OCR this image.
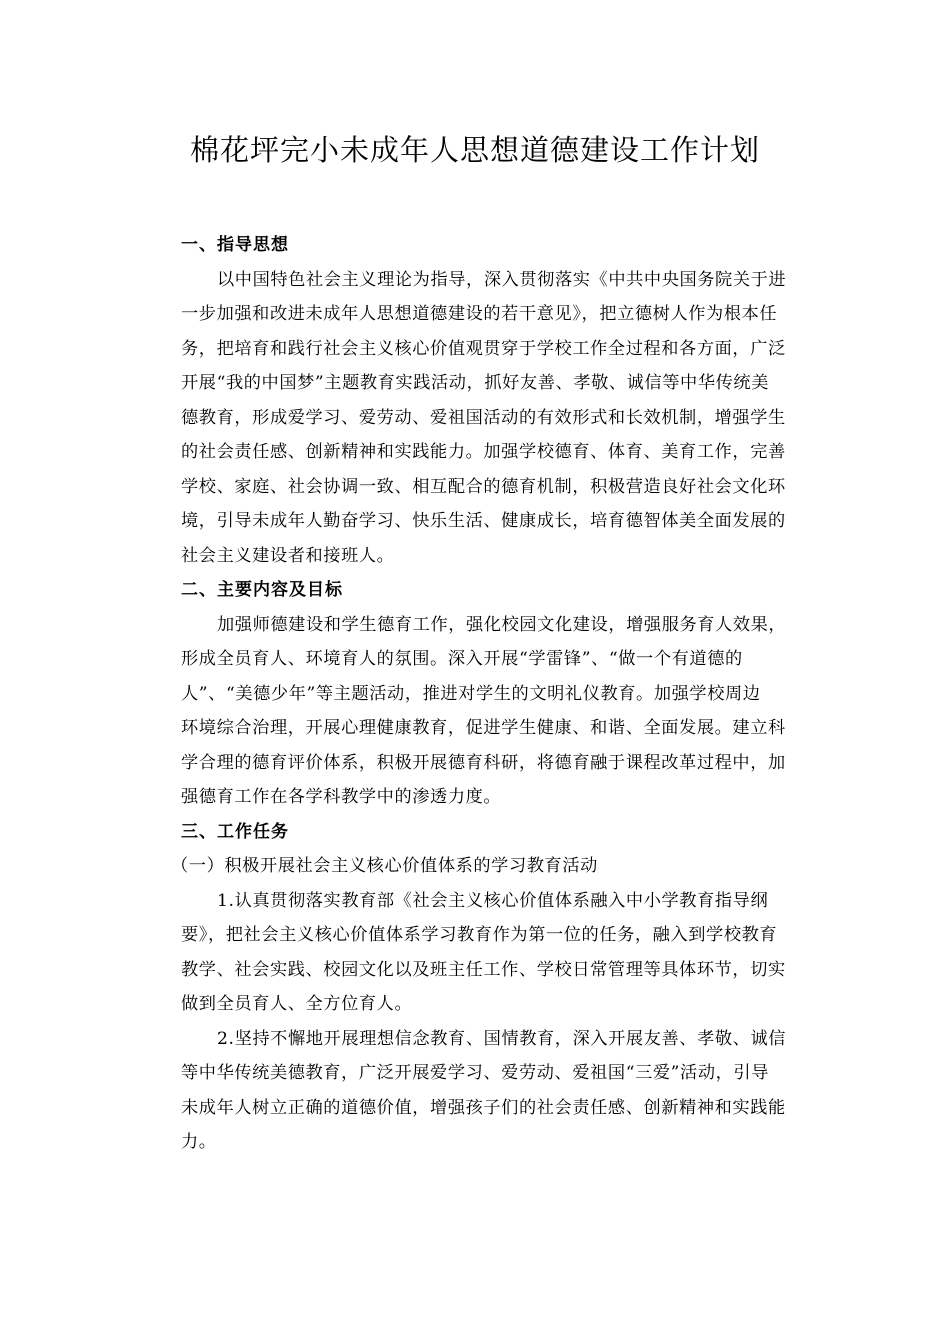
棉花坪完小未成年人思想道德建设工作计划
一、指导思想
以中国特色社会主义理论为指导，深入贯彻落实《中共中央国务院关于进
一步加强和改进未成年人思想道德建设的若干意见》，把立德树人作为根本任
务，把培育和践行社会主义核心价值观贯穿于学校工作全过程和各方面，广泛
开展“我的中国梦”主题教育实践活动，抓好友善、孝敬、诚信等中华传统美
德教育，形成爱学习、爱劳动、爱祖国活动的有效形式和长效机制，增强学生
的社会责任感、创新精神和实践能力。加强学校德育、体育、美育工作，完善
学校、家庭、社会协调一致、相互配合的德育机制，积极营造良好社会文化环
境，引导未成年人勤奋学习、快乐生活、健康成长，培育德智体美全面发展的
社会主义建设者和接班人。
二、主要内容及目标
加强师德建设和学生德育工作，强化校园文化建设，增强服务育人效果，
形成全员育人、环境育人的氛围。深入开展“学雷锋”、“做一个有道德的
人”、“美德少年”等主题活动，推进对学生的文明礼仪教育。加强学校周边
环境综合治理，开展心理健康教育，促进学生健康、和谐、全面发展。建立科
学合理的德育评价体系，积极开展德育科研，将德育融于课程改革过程中，加
强德育工作在各学科教学中的渗透力度。
三、工作任务

（一）积极开展社会主义核心价值体系的学习教育活动

1.认真贯彻落实教育部《社会主义核心价值体系融入中小学教育指导纲
要》，把社会主义核心价值体系学习教育作为第一位的任务，融入到学校教育
教学、社会实践、校园文化以及班主任工作、学校日常管理等具体环节，切实
做到全员育人、全方位育人。
2.坚持不懈地开展理想信念教育、国情教育，深入开展友善、孝敬、诚信
等中华传统美德教育，广泛开展爱学习、爱劳动、爱祖国“三爱”活动，引导
未成年人树立正确的道德价值，增强孩子们的社会责任感、创新精神和实践能
力。
